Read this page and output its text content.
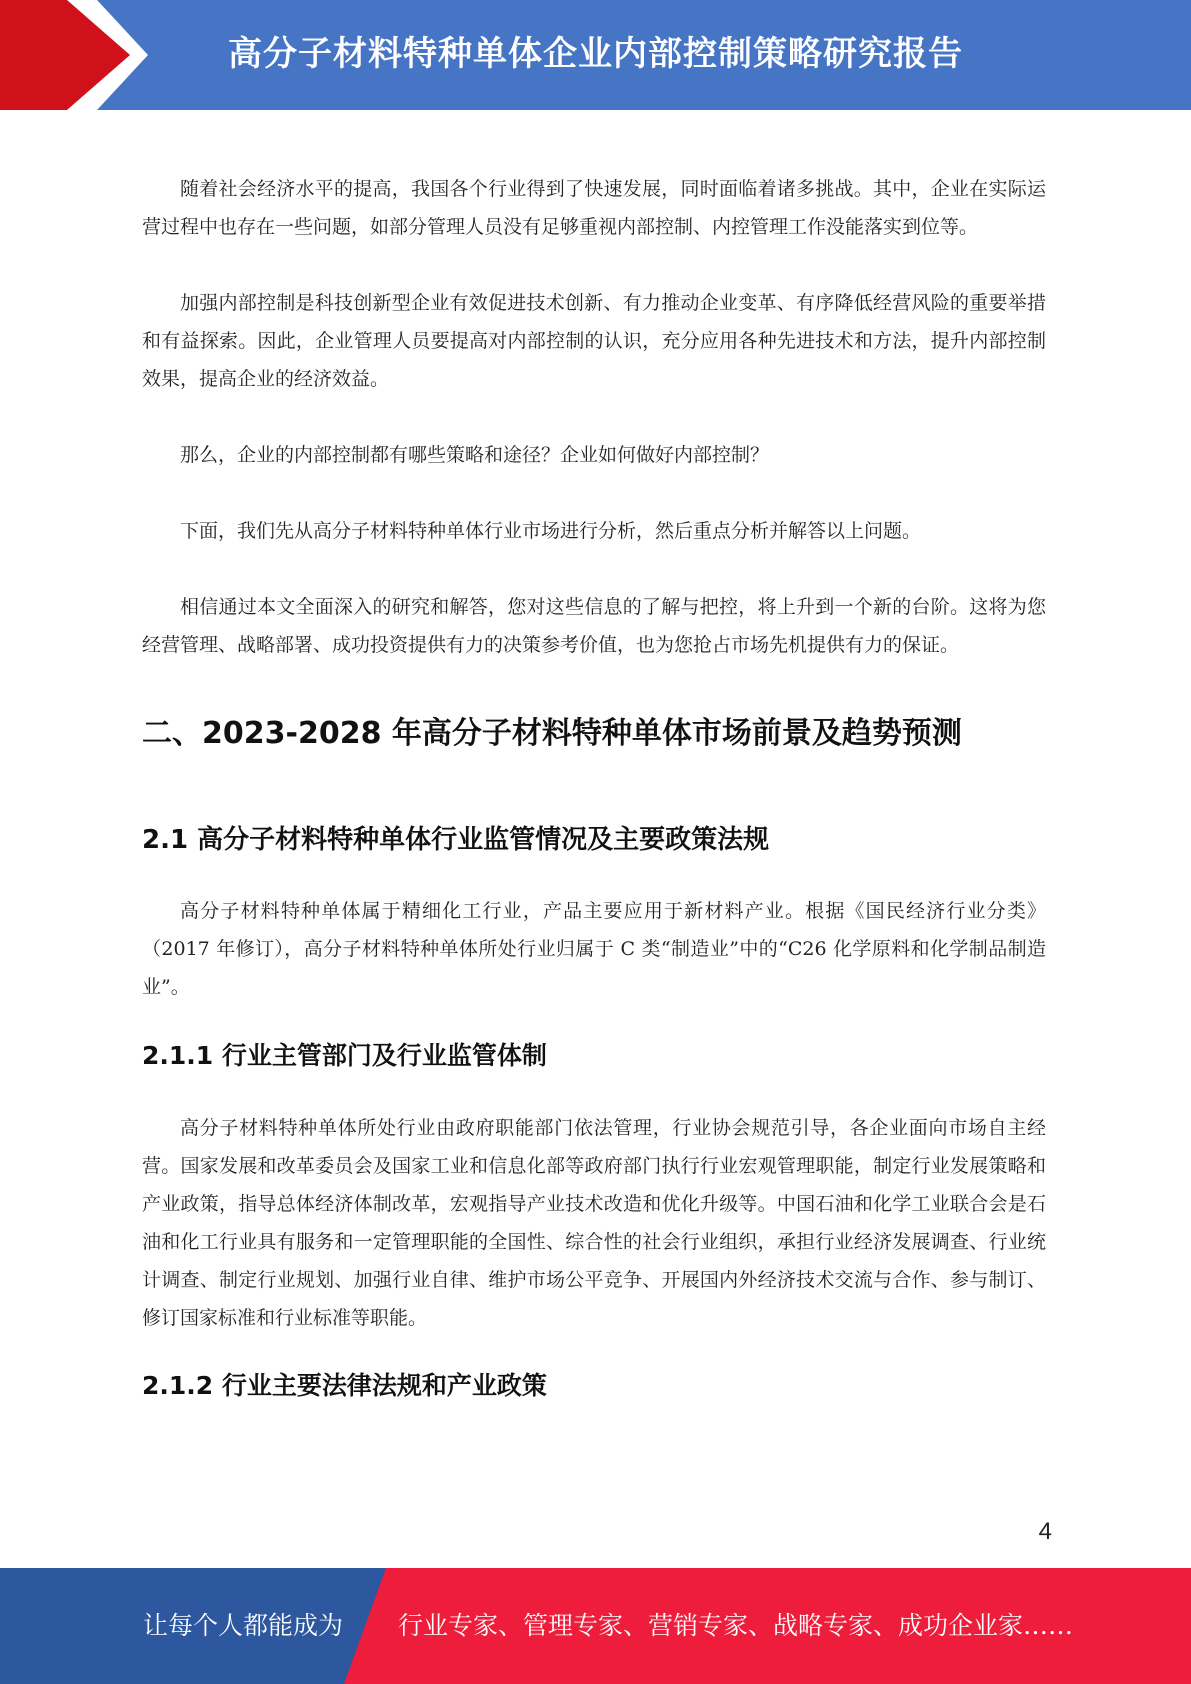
高分子材料特种单体企业内部控制策略研究报告

随着社会经济水平的提高，我国各个行业得到了快速发展，同时面临着诸多挑战。其中，企业在实际运营过程中也存在一些问题，如部分管理人员没有足够重视内部控制、内控管理工作没能落实到位等。

加强内部控制是科技创新型企业有效促进技术创新、有力推动企业变革、有序降低经营风险的重要举措和有益探索。因此，企业管理人员要提高对内部控制的认识，充分应用各种先进技术和方法，提升内部控制效果，提高企业的经济效益。

那么，企业的内部控制都有哪些策略和途径？企业如何做好内部控制？

下面，我们先从高分子材料特种单体行业市场进行分析，然后重点分析并解答以上问题。

相信通过本文全面深入的研究和解答，您对这些信息的了解与把控，将上升到一个新的台阶。这将为您经营管理、战略部署、成功投资提供有力的决策参考价值，也为您抢占市场先机提供有力的保证。

二、2023-2028 年高分子材料特种单体市场前景及趋势预测
2.1 高分子材料特种单体行业监管情况及主要政策法规

高分子材料特种单体属于精细化工行业，产品主要应用于新材料产业。根据《国民经济行业分类》（2017 年修订），高分子材料特种单体所处行业归属于 C 类“制造业”中的“C26 化学原料和化学制品制造业”。

2.1.1 行业主管部门及行业监管体制

高分子材料特种单体所处行业由政府职能部门依法管理，行业协会规范引导，各企业面向市场自主经营。国家发展和改革委员会及国家工业和信息化部等政府部门执行行业宏观管理职能，制定行业发展策略和产业政策，指导总体经济体制改革，宏观指导产业技术改造和优化升级等。中国石油和化学工业联合会是石油和化工行业具有服务和一定管理职能的全国性、综合性的社会行业组织，承担行业经济发展调查、行业统计调查、制定行业规划、加强行业自律、维护市场公平竞争、开展国内外经济技术交流与合作、参与制订、修订国家标准和行业标准等职能。

2.1.2 行业主要法律法规和产业政策
4
让每个人都能成为 行业专家、管理专家、营销专家、战略专家、成功企业家……
